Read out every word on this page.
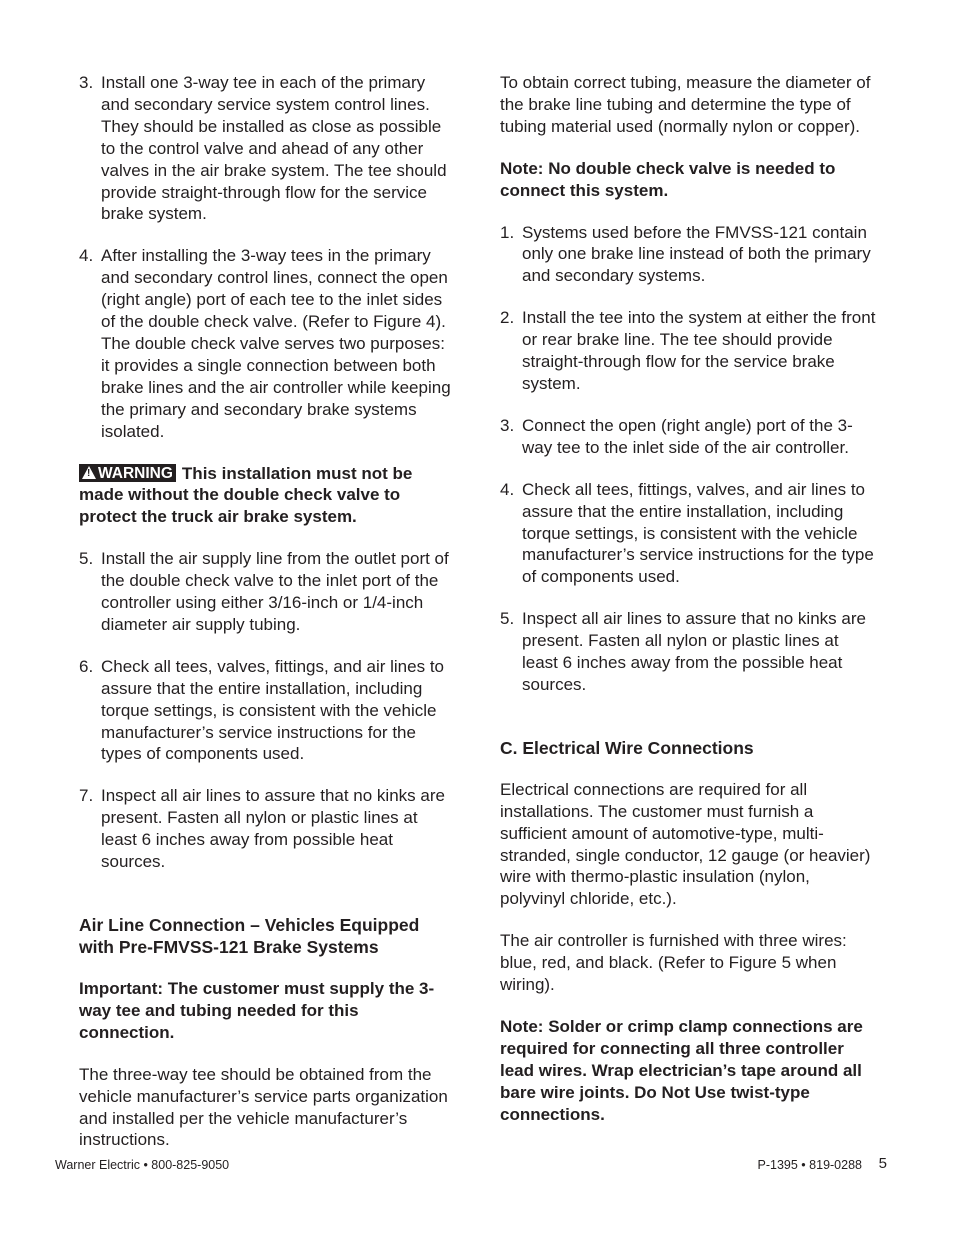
3. Install one 3-way tee in each of the primary and secondary service system control lines. They should be installed as close as possible to the control valve and ahead of any other valves in the air brake system. The tee should provide straight-through flow for the service brake system.
4. After installing the 3-way tees in the primary and secondary control lines, connect the open (right angle) port of each tee to the inlet sides of the double check valve. (Refer to Figure 4). The double check valve serves two purposes: it provides a single connection between both brake lines and the air controller while keeping the primary and secondary brake systems isolated.
!WARNING This installation must not be made without the double check valve to protect the truck air brake system.
5. Install the air supply line from the outlet port of the double check valve to the inlet port of the controller using either 3/16-inch or 1/4-inch diameter air supply tubing.
6. Check all tees, valves, fittings, and air lines to assure that the entire installation, including torque settings, is consistent with the vehicle manufacturer’s service instructions for the types of components used.
7. Inspect all air lines to assure that no kinks are present. Fasten all nylon or plastic lines at least 6 inches away from possible heat sources.
Air Line Connection – Vehicles Equipped with Pre-FMVSS-121 Brake Systems
Important: The customer must supply the 3-way tee and tubing needed for this connection.
The three-way tee should be obtained from the vehicle manufacturer’s service parts organization and installed per the vehicle manufacturer’s instructions.
To obtain correct tubing, measure the diameter of the brake line tubing and determine the type of tubing material used (normally nylon or copper).
Note: No double check valve is needed to connect this system.
1. Systems used before the FMVSS-121 contain only one brake line instead of both the primary and secondary systems.
2. Install the tee into the system at either the front or rear brake line. The tee should provide straight-through flow for the service brake system.
3. Connect the open (right angle) port of the 3-way tee to the inlet side of the air controller.
4. Check all tees, fittings, valves, and air lines to assure that the entire installation, including torque settings, is consistent with the vehicle manufacturer’s service instructions for the type of components used.
5. Inspect all air lines to assure that no kinks are present. Fasten all nylon or plastic lines at least 6 inches away from the possible heat sources.
C. Electrical Wire Connections
Electrical connections are required for all installations. The customer must furnish a sufficient amount of automotive-type, multi-stranded, single conductor, 12 gauge (or heavier) wire with thermo-plastic insulation (nylon, polyvinyl chloride, etc.).
The air controller is furnished with three wires: blue, red, and black. (Refer to Figure 5 when wiring).
Note: Solder or crimp clamp connections are required for connecting all three controller lead wires. Wrap electrician’s tape around all bare wire joints. Do Not Use twist-type connections.
Warner Electric • 800-825-9050	P-1395 • 819-0288 5
